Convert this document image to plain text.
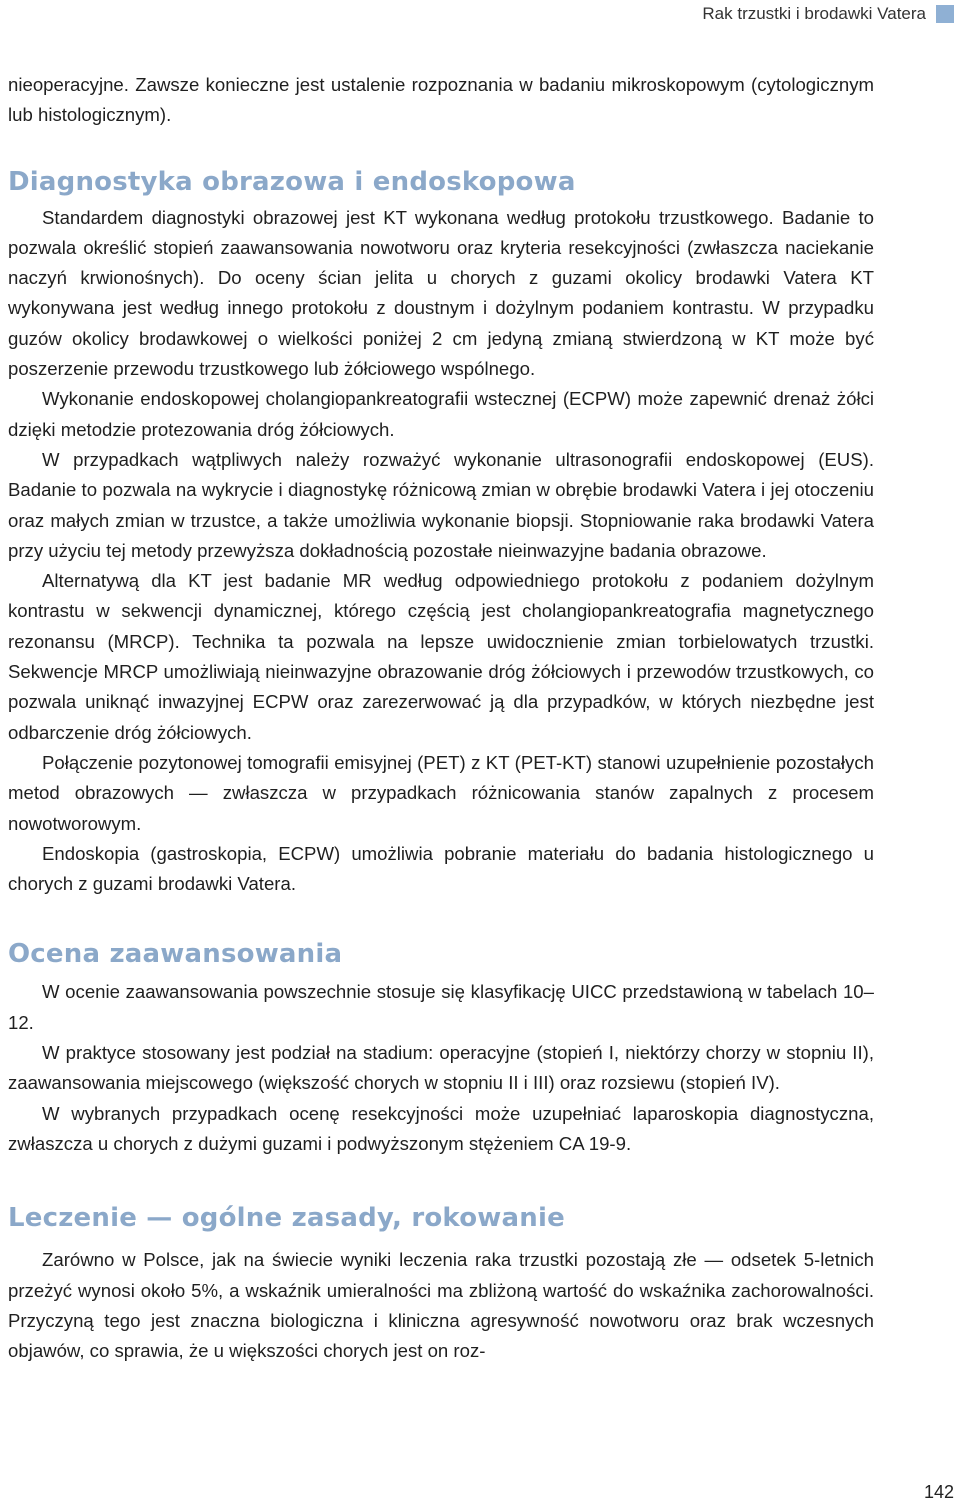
Rak trzustki i brodawki Vatera

nieoperacyjne. Zawsze konieczne jest ustalenie rozpoznania w badaniu mikroskopowym (cytologicznym lub histologicznym).

Diagnostyka obrazowa i endoskopowa

Standardem diagnostyki obrazowej jest KT wykonana według protokołu trzustkowego. Badanie to pozwala określić stopień zaawansowania nowotworu oraz kryteria resekcyjności (zwłaszcza naciekanie naczyń krwionośnych). Do oceny ścian jelita u chorych z guzami okolicy brodawki Vatera KT wykonywana jest według innego protokołu z doustnym i dożylnym podaniem kontrastu. W przypadku guzów okolicy brodawkowej o wielkości poniżej 2 cm jedyną zmianą stwierdzoną w KT może być poszerzenie przewodu trzustkowego lub żółciowego wspólnego.

Wykonanie endoskopowej cholangiopankreatografii wstecznej (ECPW) może zapewnić drenaż żółci dzięki metodzie protezowania dróg żółciowych.

W przypadkach wątpliwych należy rozważyć wykonanie ultrasonografii endoskopowej (EUS). Badanie to pozwala na wykrycie i diagnostykę różnicową zmian w obrębie brodawki Vatera i jej otoczeniu oraz małych zmian w trzustce, a także umożliwia wykonanie biopsji. Stopniowanie raka brodawki Vatera przy użyciu tej metody przewyższa dokładnością pozostałe nieinwazyjne badania obrazowe.

Alternatywą dla KT jest badanie MR według odpowiedniego protokołu z podaniem dożylnym kontrastu w sekwencji dynamicznej, którego częścią jest cholangiopankreatografia magnetycznego rezonansu (MRCP). Technika ta pozwala na lepsze uwidocznienie zmian torbielowatych trzustki. Sekwencje MRCP umożliwiają nieinwazyjne obrazowanie dróg żółciowych i przewodów trzustkowych, co pozwala uniknąć inwazyjnej ECPW oraz zarezerwować ją dla przypadków, w których niezbędne jest odbarczenie dróg żółciowych.

Połączenie pozytonowej tomografii emisyjnej (PET) z KT (PET-KT) stanowi uzupełnienie pozostałych metod obrazowych — zwłaszcza w przypadkach różnicowania stanów zapalnych z procesem nowotworowym.

Endoskopia (gastroskopia, ECPW) umożliwia pobranie materiału do badania histologicznego u chorych z guzami brodawki Vatera.

Ocena zaawansowania

W ocenie zaawansowania powszechnie stosuje się klasyfikację UICC przedstawioną w tabelach 10–12.

W praktyce stosowany jest podział na stadium: operacyjne (stopień I, niektórzy chorzy w stopniu II), zaawansowania miejscowego (większość chorych w stopniu II i III) oraz rozsiewu (stopień IV).

W wybranych przypadkach ocenę resekcyjności może uzupełniać laparoskopia diagnostyczna, zwłaszcza u chorych z dużymi guzami i podwyższonym stężeniem CA 19-9.

Leczenie — ogólne zasady, rokowanie

Zarówno w Polsce, jak na świecie wyniki leczenia raka trzustki pozostają złe — odsetek 5-letnich przeżyć wynosi około 5%, a wskaźnik umieralności ma zbliżoną wartość do wskaźnika zachorowalności. Przyczyną tego jest znaczna biologiczna i kliniczna agresywność nowotworu oraz brak wczesnych objawów, co sprawia, że u większości chorych jest on roz-

142
